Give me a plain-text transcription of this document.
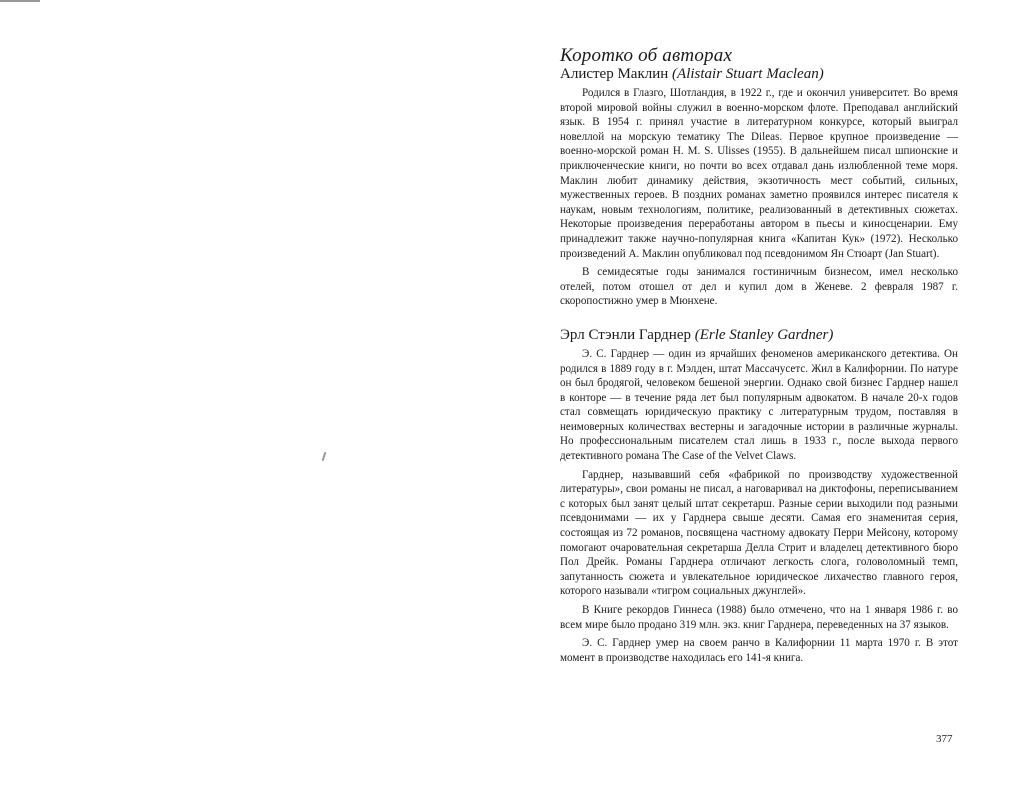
Коротко об авторах
Алистер Маклин (Alistair Stuart Maclean)

Родился в Глазго, Шотландия, в 1922 г., где и окончил университет. Во время второй мировой войны служил в военно-морском флоте. Преподавал английский язык. В 1954 г. принял участие в литературном конкурсе, который выиграл новеллой на морскую тематику The Dileas. Первое крупное произведение — военно-морской роман H. M. S. Ulisses (1955). В дальнейшем писал шпионские и приключенческие книги, но почти во всех отдавал дань излюбленной теме моря. Маклин любит динамику действия, экзотичность мест событий, сильных, мужественных героев. В поздних романах заметно проявился интерес писателя к наукам, новым технологиям, политике, реализованный в детективных сюжетах. Некоторые произведения переработаны автором в пьесы и киносценарии. Ему принадлежит также научно-популярная книга «Капитан Кук» (1972). Несколько произведений А. Маклин опубликовал под псевдонимом Ян Стюарт (Jan Stuart).

В семидесятые годы занимался гостиничным бизнесом, имел несколько отелей, потом отошел от дел и купил дом в Женеве. 2 февраля 1987 г. скоропостижно умер в Мюнхене.

Эрл Стэнли Гарднер (Erle Stanley Gardner)

Э. С. Гарднер — один из ярчайших феноменов американского детектива. Он родился в 1889 году в г. Мэлден, штат Массачусетс. Жил в Калифорнии. По натуре он был бродягой, человеком бешеной энергии. Однако свой бизнес Гарднер нашел в конторе — в течение ряда лет был популярным адвокатом. В начале 20-х годов стал совмещать юридическую практику с литературным трудом, поставляя в неимоверных количествах вестерны и загадочные истории в различные журналы. Но профессиональным писателем стал лишь в 1933 г., после выхода первого детективного романа The Case of the Velvet Claws.

Гарднер, называвший себя «фабрикой по производству художественной литературы», свои романы не писал, а наговаривал на диктофоны, переписыванием с которых был занят целый штат секретарш. Разные серии выходили под разными псевдонимами — их у Гарднера свыше десяти. Самая его знаменитая серия, состоящая из 72 романов, посвящена частному адвокату Перри Мейсону, которому помогают очаровательная секретарша Делла Стрит и владелец детективного бюро Пол Дрейк. Романы Гарднера отличают легкость слога, головоломный темп, запутанность сюжета и увлекательное юридическое лихачество главного героя, которого называли «тигром социальных джунглей».

В Книге рекордов Гиннеса (1988) было отмечено, что на 1 января 1986 г. во всем мире было продано 319 млн. экз. книг Гарднера, переведенных на 37 языков.

Э. С. Гарднер умер на своем ранчо в Калифорнии 11 марта 1970 г. В этот момент в производстве находилась его 141-я книга.

377
